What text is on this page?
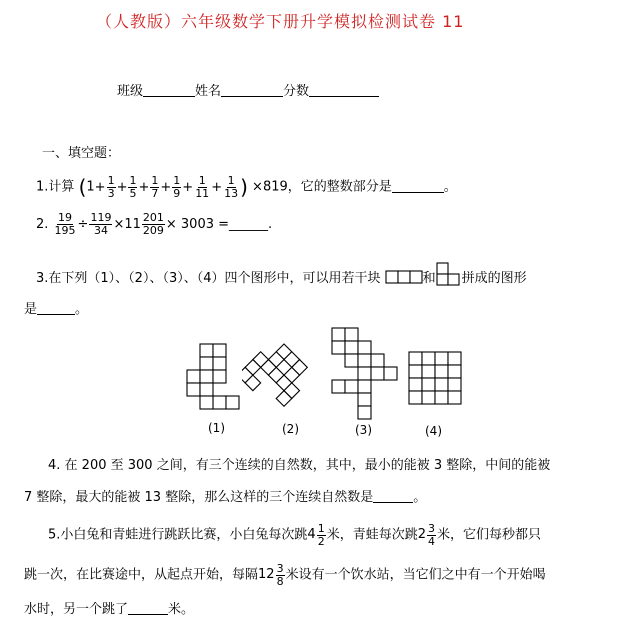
（人教版）六年级数学下册升学模拟检测试卷 11
班级	姓名	分数
一、填空题：
1.计算 ($1+ \frac{1}{3} + \frac{1}{5} + \frac{1}{7} + \frac{1}{9} + \frac{1}{11} + \frac{1}{13}$ ) ×819，它的整数部分是	。
2. $\frac{19}{195} \div \frac{119}{34} \times 11 \frac{201}{209} \times 3003$ =______.
3.在下列（1）、（2）、（3）、（4）四个图形中，可以用若干块	和 拼成的图形
是	。
(1)	(2)	(3)	(4)
4. 在 200 至 300 之间，有三个连续的自然数，其中，最小的能被 3 整除，中间的能被
7 整除，最大的能被 13 整除，那么这样的三个连续自然数是	。
5.小白兔和青蛙进行跳跃比赛，小白兔每次跳$4 \frac{1}{2}$ 米，青蛙每次跳$2 \frac{3}{4}$ 米，它们每秒都只
跳一次，在比赛途中，从起点开始，每隔$12 \frac{3}{8}$ 米设有一个饮水站，当它们之中有一个开始喝
水时，另一个跳了	米。
